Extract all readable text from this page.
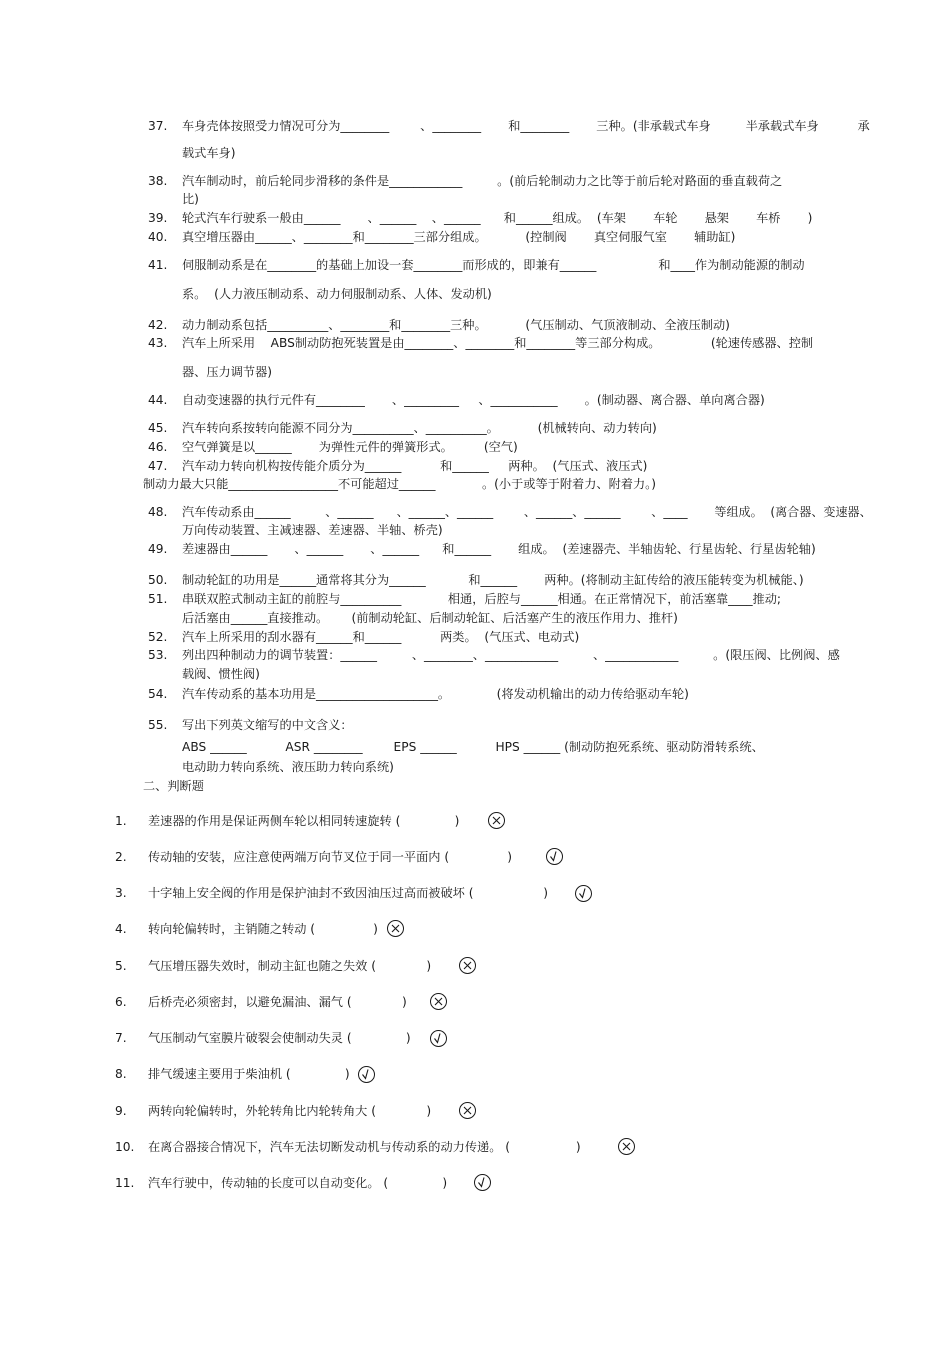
37. 车身壳体按照受力情况可分为________        、________       和________       三种。(非承载式车身         半承载式车身          承
载式车身)
38. 汽车制动时，前后轮同步滑移的条件是____________         。(前后轮制动力之比等于前后轮对路面的垂直载荷之
比)
39. 轮式汽车行驶系一般由______       、______    、______      和______组成。  (车架       车轮       悬架       车桥       )
40. 真空增压器由______、________和________三部分组成。          (控制阀       真空伺服气室       辅助缸)
41. 伺服制动系是在________的基础上加设一套________而形成的，即兼有______                和____作为制动能源的制动
系。  (人力液压制动系、动力伺服制动系、人体、发动机)
42. 动力制动系包括__________、________和________三种。          (气压制动、气顶液制动、全液压制动)
43. 汽车上所采用    ABS制动防抱死装置是由________、________和________等三部分构成。             (轮速传感器、控制
器、压力调节器)
44. 自动变速器的执行元件有________       、_________     、___________       。(制动器、离合器、单向离合器)
45. 汽车转向系按转向能源不同分为__________、__________。          (机械转向、动力转向)
46. 空气弹簧是以______       为弹性元件的弹簧形式。        (空气)
47. 汽车动力转向机构按传能介质分为______          和______     两种。  (气压式、液压式)
制动力最大只能__________________不可能超过______            。(小于或等于附着力、附着力。)
48. 汽车传动系由______         、______      、______、______        、______、______        、____       等组成。  (离合器、变速器、
万向传动装置、主减速器、差速器、半轴、桥壳)
49. 差速器由______       、______       、______      和______       组成。  (差速器壳、半轴齿轮、行星齿轮、行星齿轮轴)
50. 制动轮缸的功用是______通常将其分为______           和______       两种。(将制动主缸传给的液压能转变为机械能、)
51. 串联双腔式制动主缸的前腔与__________            相通，后腔与______相通。在正常情况下，前活塞靠____推动;
后活塞由______直接推动。      (前制动轮缸、后制动轮缸、后活塞产生的液压作用力、推杆)
52. 汽车上所采用的刮水器有______和______          两类。  (气压式、电动式)
53. 列出四种制动力的调节装置：______         、________、____________         、____________         。(限压阀、比例阀、感
载阀、惯性阀)
54. 汽车传动系的基本功用是____________________。            (将发动机输出的动力传给驱动车轮)
55. 写出下列英文缩写的中文含义：
ABS ______          ASR ________        EPS ______          HPS ______ (制动防抱死系统、驱动防滑转系统、
电动助力转向系统、液压助力转向系统)
二、判断题
1. 差速器的作用是保证两侧车轮以相同转速旋转 (              )
2. 传动轴的安装，应注意使两端万向节叉位于同一平面内 (               )
3. 十字轴上安全阀的作用是保护油封不致因油压过高而被破坏 (                  )
4. 转向轮偏转时，主销随之转动 (               )
5. 气压增压器失效时，制动主缸也随之失效 (             )
6. 后桥壳必须密封，以避免漏油、漏气 (             )
7. 气压制动气室膜片破裂会使制动失灵 (              )
8. 排气缓速主要用于柴油机 (              )
9. 两转向轮偏转时，外轮转角比内轮转角大 (             )
10. 在离合器接合情况下，汽车无法切断发动机与传动系的动力传递。 (                 )
11. 汽车行驶中，传动轴的长度可以自动变化。 (              )
